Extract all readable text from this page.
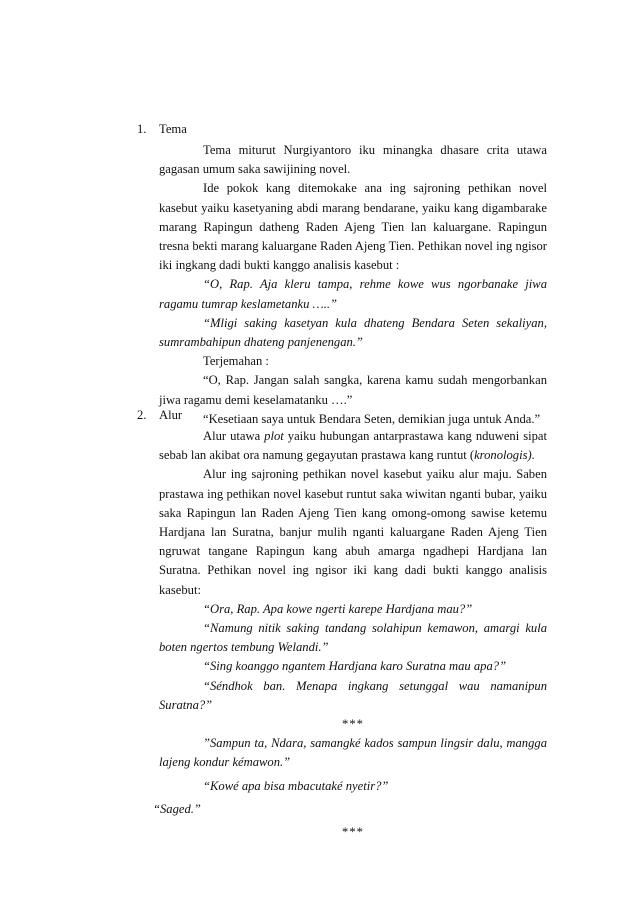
1. Tema

Tema miturut Nurgiyantoro iku minangka dhasare crita utawa gagasan umum saka sawijining novel.

Ide pokok kang ditemokake ana ing sajroning pethikan novel kasebut yaiku kasetyaning abdi marang bendarane, yaiku kang digambarake marang Rapingun datheng Raden Ajeng Tien lan kaluargane. Rapingun tresna bekti marang kaluargane Raden Ajeng Tien. Pethikan novel ing ngisor iki ingkang dadi bukti kanggo analisis kasebut :

“O, Rap. Aja kleru tampa, rehme kowe wus ngorbanake jiwa ragamu tumrap keslametanku …..”

“Mligi saking kasetyan kula dhateng Bendara Seten sekaliyan, sumrambahipun dhateng panjenengan.”

Terjemahan :

“O, Rap. Jangan salah sangka, karena kamu sudah mengorbankan jiwa ragamu demi keselamatanku ….”

“Kesetiaan saya untuk Bendara Seten, demikian juga untuk Anda.”

2. Alur

Alur utawa plot yaiku hubungan antarprastawa kang nduweni sipat sebab lan akibat ora namung gegayutan prastawa kang runtut (kronologis).

Alur ing sajroning pethikan novel kasebut yaiku alur maju. Saben prastawa ing pethikan novel kasebut runtut saka wiwitan nganti bubar, yaiku saka Rapingun lan Raden Ajeng Tien kang omong-omong sawise ketemu Hardjana lan Suratna, banjur mulih nganti kaluargane Raden Ajeng Tien ngruwat tangane Rapingun kang abuh amarga ngadhepi Hardjana lan Suratna. Pethikan novel ing ngisor iki kang dadi bukti kanggo analisis kasebut:

“Ora, Rap. Apa kowe ngerti karepe Hardjana mau?”

“Namung nitik saking tandang solahipun kemawon, amargi kula boten ngertos tembung Welandi.”

“Sing koanggo ngantem Hardjana karo Suratna mau apa?”

“Séndhok ban. Menapa ingkang setunggal wau namanipun Suratna?”

***

”Sampun ta, Ndara, samangké kados sampun lingsir dalu, mangga lajeng kondur kémawon.”

“Kowé apa bisa mbacutaké nyetir?”

“Saged.”

***
